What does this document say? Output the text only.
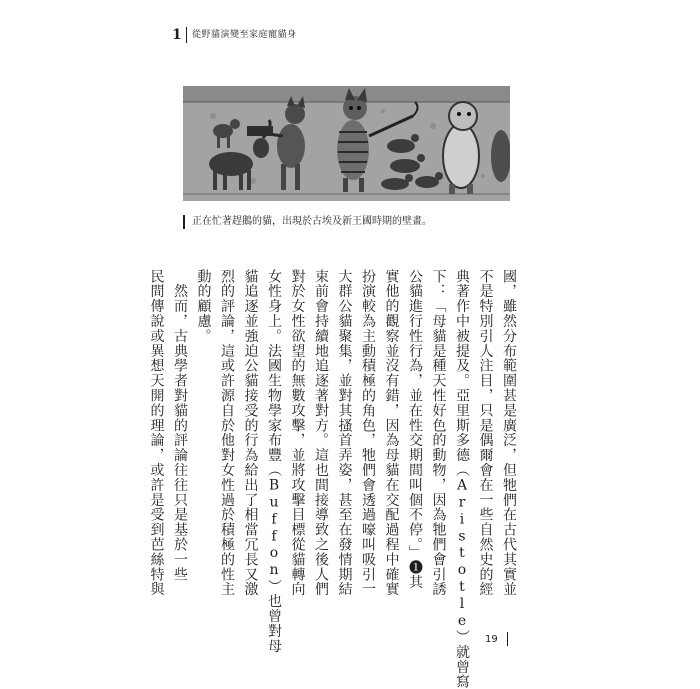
1 從野貓演變至家庭寵貓身
正在忙著趕鵝的貓，出現於古埃及新王國時期的壁畫。
國，雖然分布範圍甚是廣泛，但牠們在古代其實並
不是特別引人注目，只是偶爾會在一些自然史的經
典著作中被提及。亞里斯多德（Aristotle）就曾寫
下：「母貓是種天性好色的動物，因為牠們會引誘
公貓進行性行為，並在性交期間叫個不停。」❶其
實他的觀察並沒有錯，因為母貓在交配過程中確實
扮演較為主動積極的角色，牠們會透過嚎叫吸引一
大群公貓聚集，並對其搔首弄姿，甚至在發情期結
束前會持續地追逐著對方。這也間接導致之後人們
對於女性欲望的無數攻擊，並將攻擊目標從貓轉向
女性身上。法國生物學家布豐（Buffon）也曾對母
貓追逐並強迫公貓接受的行為給出了相當冗長又激
烈的評論，這或許源自於他對女性過於積極的性主
動的顧慮。
　然而，古典學者對貓的評論往往只是基於一些
民間傳說或異想天開的理論，或許是受到芭絲特與
19
